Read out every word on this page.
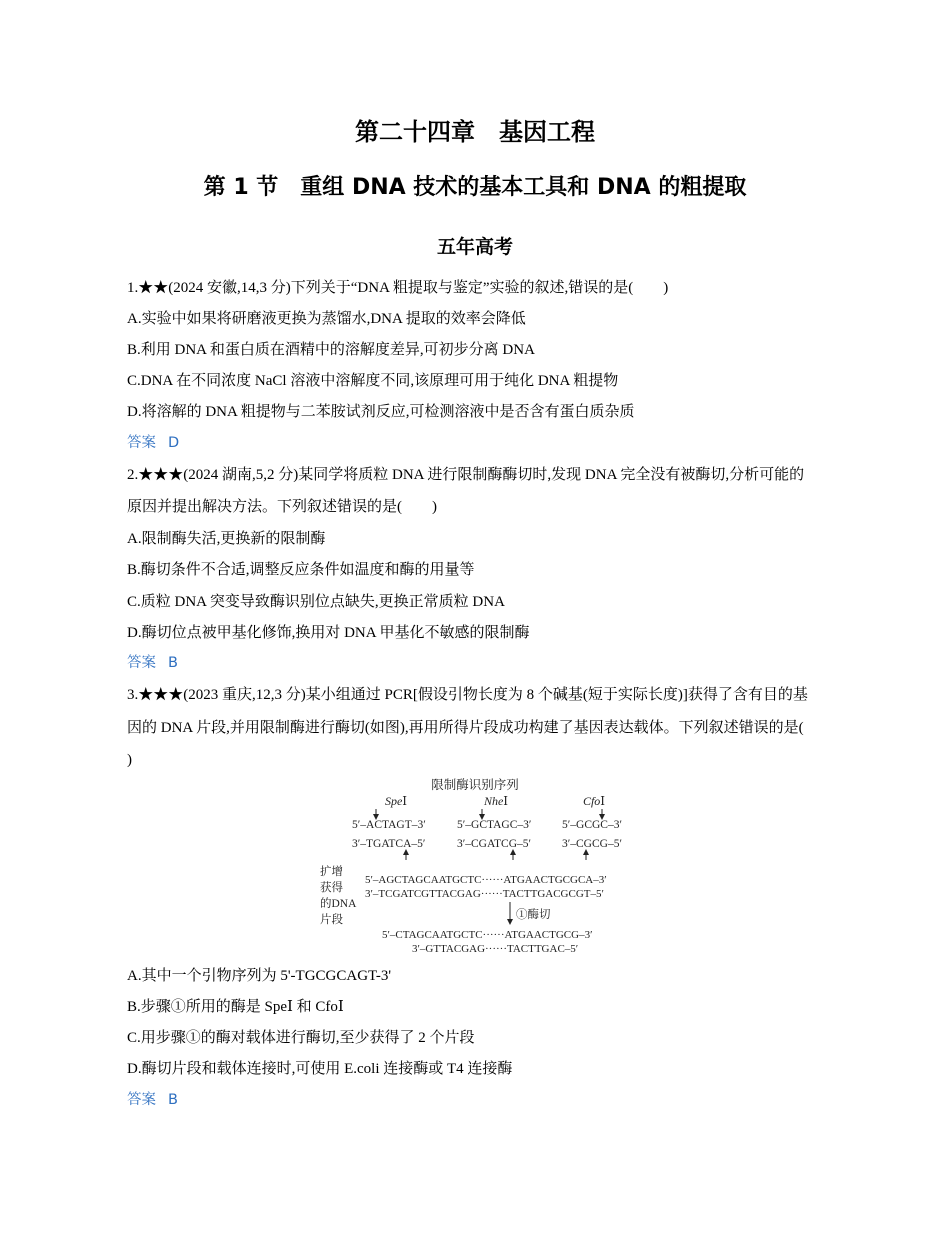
第二十四章　基因工程
第 1 节　重组 DNA 技术的基本工具和 DNA 的粗提取
五年高考
1.★★(2024 安徽,14,3 分)下列关于“DNA 粗提取与鉴定”实验的叙述,错误的是(　　)
A.实验中如果将研磨液更换为蒸馏水,DNA 提取的效率会降低
B.利用 DNA 和蛋白质在酒精中的溶解度差异,可初步分离 DNA
C.DNA 在不同浓度 NaCl 溶液中溶解度不同,该原理可用于纯化 DNA 粗提物
D.将溶解的 DNA 粗提物与二苯胺试剂反应,可检测溶液中是否含有蛋白质杂质
答案 D
2.★★★(2024 湖南,5,2 分)某同学将质粒 DNA 进行限制酶酶切时,发现 DNA 完全没有被酶切,分析可能的
原因并提出解决方法。下列叙述错误的是(　　)
A.限制酶失活,更换新的限制酶
B.酶切条件不合适,调整反应条件如温度和酶的用量等
C.质粒 DNA 突变导致酶识别位点缺失,更换正常质粒 DNA
D.酶切位点被甲基化修饰,换用对 DNA 甲基化不敏感的限制酶
答案 B
3.★★★(2023 重庆,12,3 分)某小组通过 PCR[假设引物长度为 8 个碱基(短于实际长度)]获得了含有目的基
因的 DNA 片段,并用限制酶进行酶切(如图),再用所得片段成功构建了基因表达载体。下列叙述错误的是(
)
限制酶识别序列
SpeⅠ
5′–ACTAGT–3′
3′–TGATCA–5′
NheⅠ
5′–GCTAGC–3′
3′–CGATCG–5′
CfoⅠ
5′–GCGC–3′
3′–CGCG–5′
扩增
获得
的DNA
片段
5′–AGCTAGCAATGCTC······ATGAACTGCGCA–3′
3′–TCGATCGTTACGAG······TACTTGACGCGT–5′
①酶切
5′–CTAGCAATGCTC······ATGAACTGCG–3′
3′–GTTACGAG······TACTTGAC–5′
A.其中一个引物序列为 5'-TGCGCAGT-3'
B.步骤①所用的酶是 SpeⅠ 和 CfoⅠ
C.用步骤①的酶对载体进行酶切,至少获得了 2 个片段
D.酶切片段和载体连接时,可使用 E.coli 连接酶或 T4 连接酶
答案 B
